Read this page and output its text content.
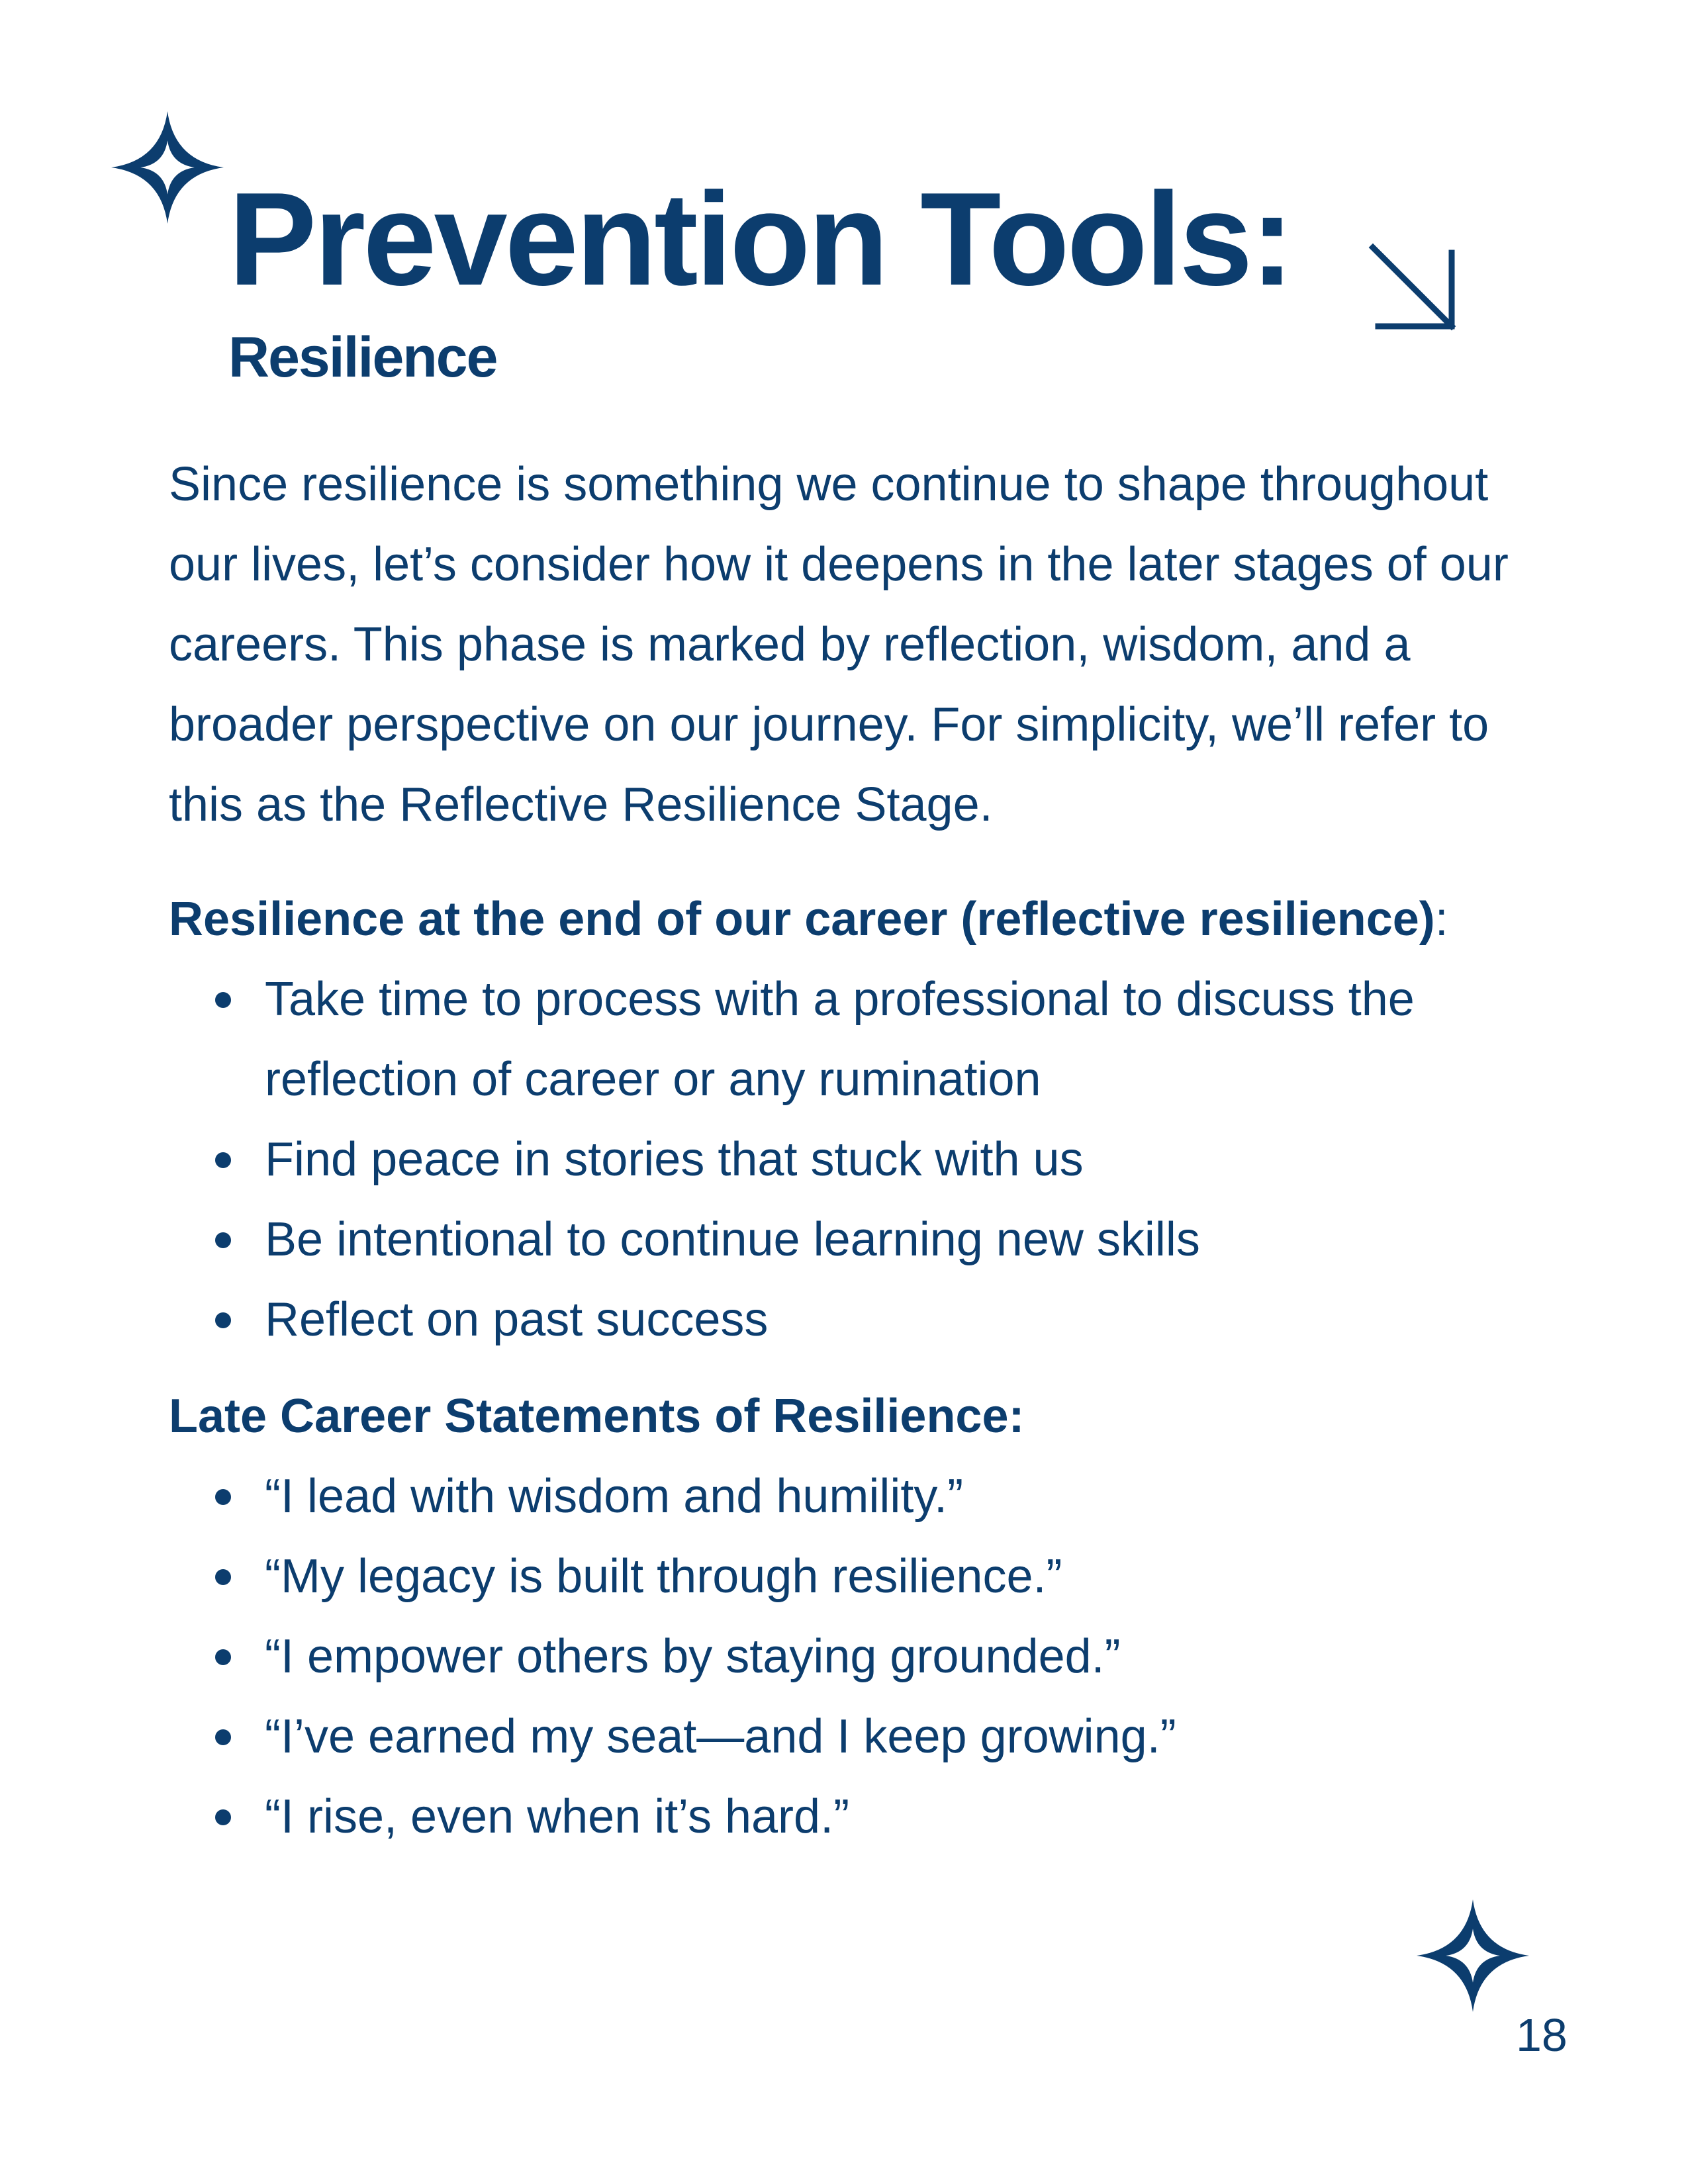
Prevention Tools:
Resilience

Since resilience is something we continue to shape throughout our lives, let’s consider how it deepens in the later stages of our careers. This phase is marked by reflection, wisdom, and a broader perspective on our journey. For simplicity, we’ll refer to this as the Reflective Resilience Stage.

Resilience at the end of our career (reflective resilience):

Take time to process with a professional to discuss the reflection of career or any rumination
Find peace in stories that stuck with us
Be intentional to continue learning new skills
Reflect on past success

Late Career Statements of Resilience:

“I lead with wisdom and humility.”
“My legacy is built through resilience.”
“I empower others by staying grounded.”
“I’ve earned my seat—and I keep growing.”
“I rise, even when it’s hard.”
18
